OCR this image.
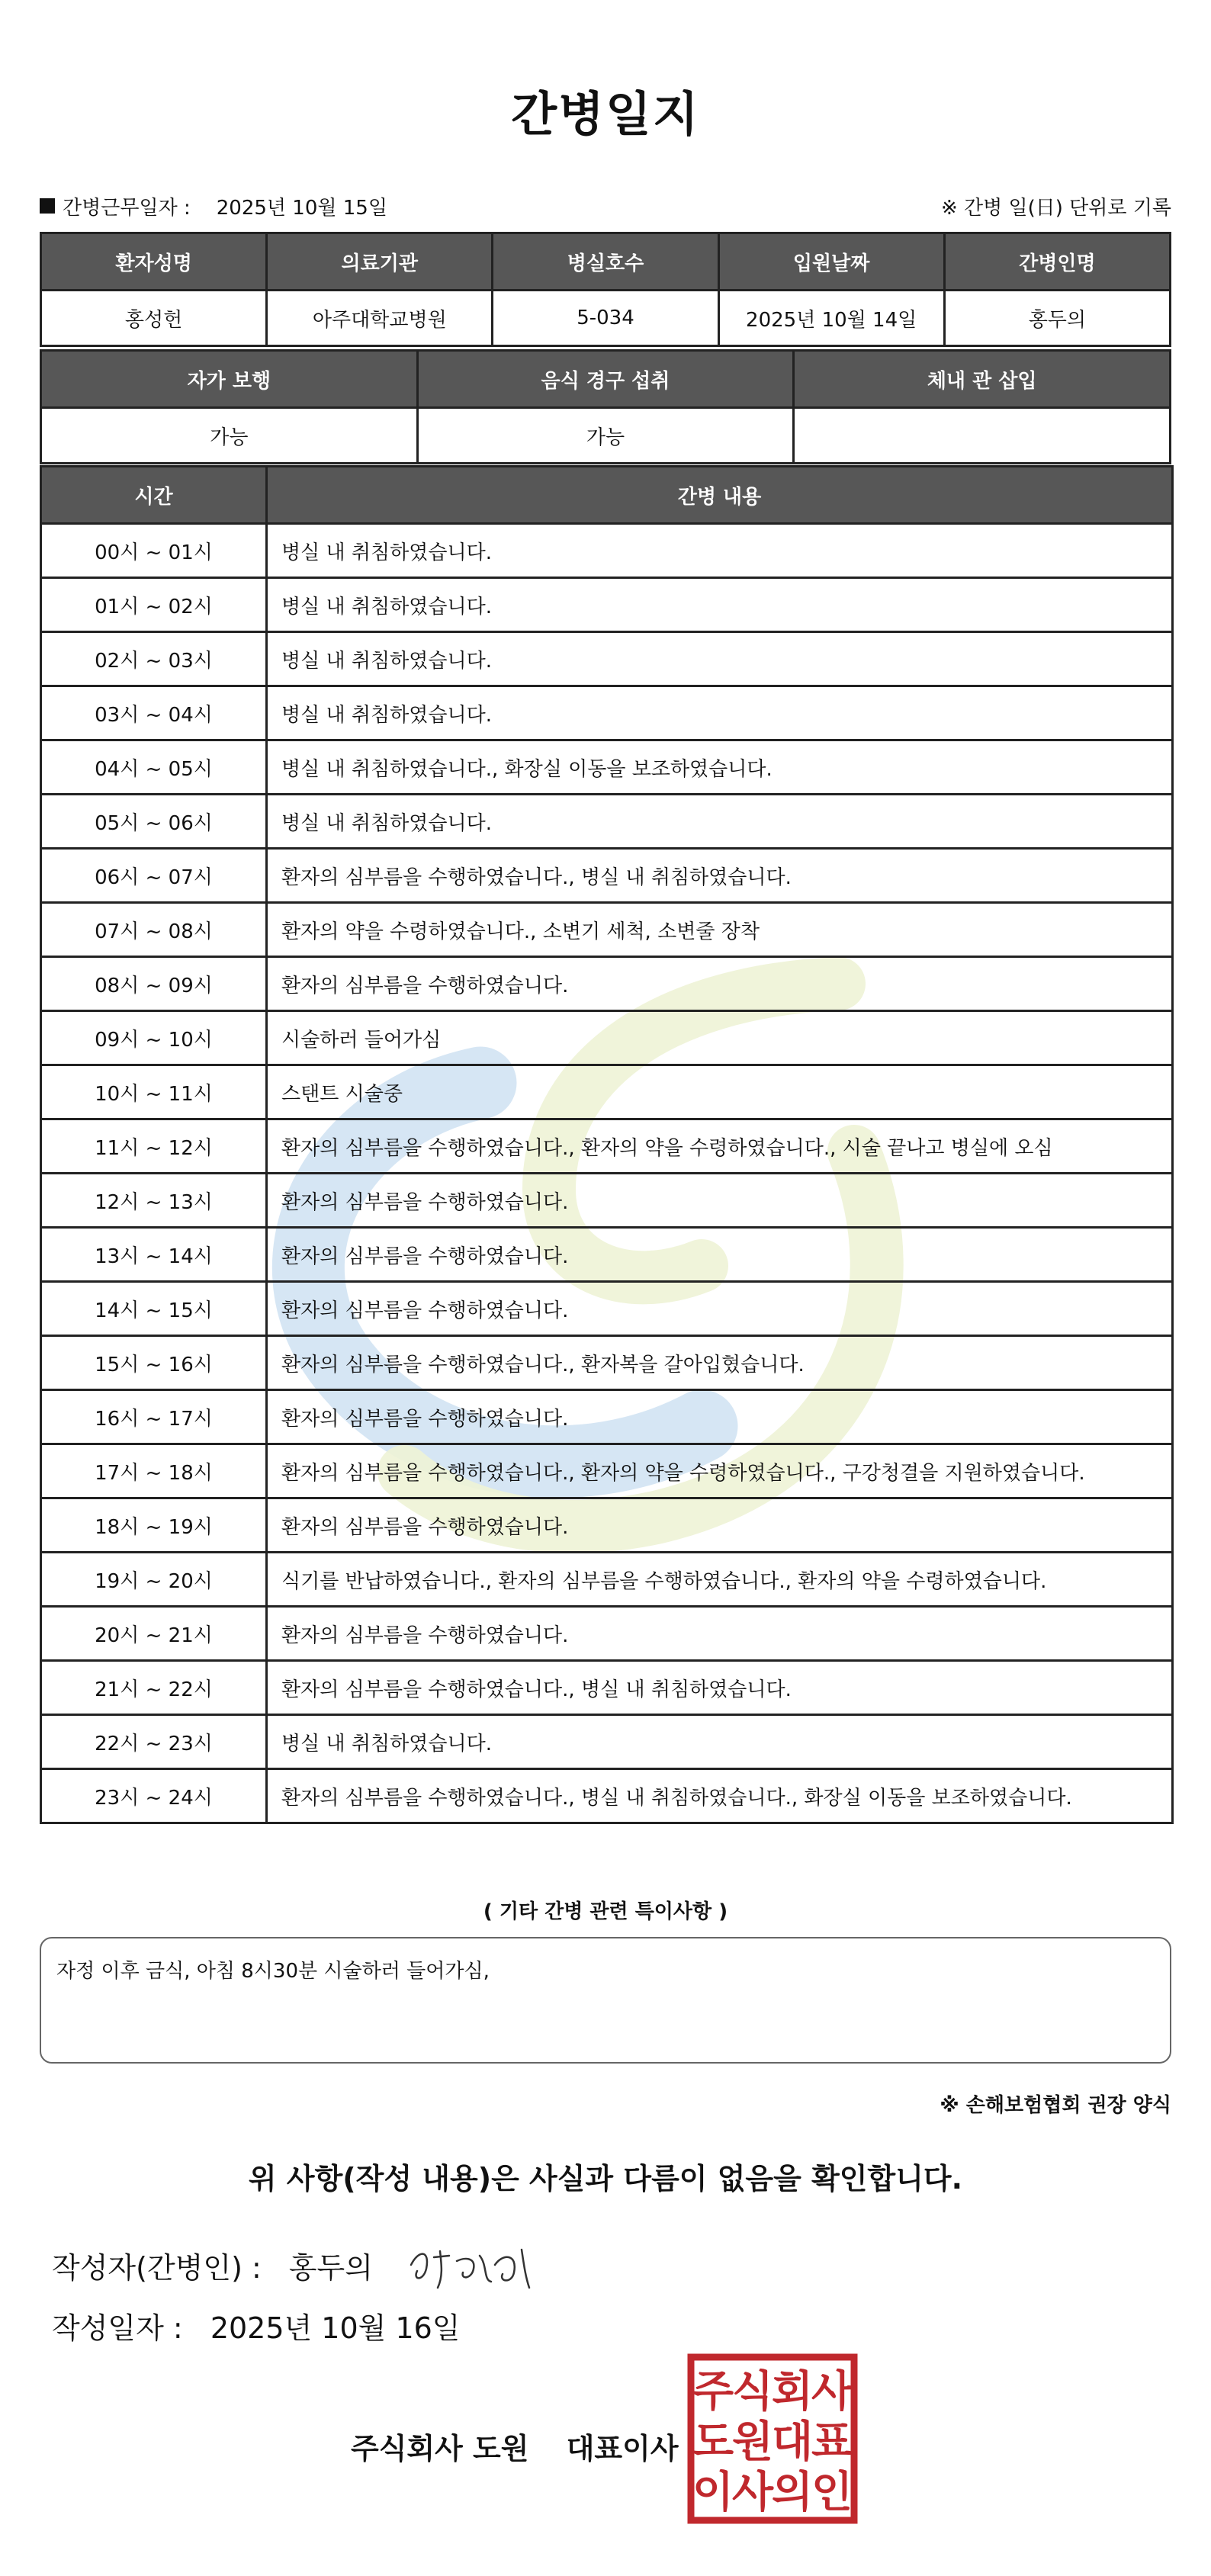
간병일지
간병근무일자 : 2025년 10월 15일	※ 간병 일(日) 단위로 기록
환자성명	의료기관	병실호수	입원날짜	간병인명
홍성헌	아주대학교병원	5-034	2025년 10월 14일	홍두의
자가 보행	음식 경구 섭취	체내 관 삽입
가능	가능	
시간	간병 내용
00시 ~ 01시	병실 내 취침하였습니다.
01시 ~ 02시	병실 내 취침하였습니다.
02시 ~ 03시	병실 내 취침하였습니다.
03시 ~ 04시	병실 내 취침하였습니다.
04시 ~ 05시	병실 내 취침하였습니다., 화장실 이동을 보조하였습니다.
05시 ~ 06시	병실 내 취침하였습니다.
06시 ~ 07시	환자의 심부름을 수행하였습니다., 병실 내 취침하였습니다.
07시 ~ 08시	환자의 약을 수령하였습니다., 소변기 세척, 소변줄 장착
08시 ~ 09시	환자의 심부름을 수행하였습니다.
09시 ~ 10시	시술하러 들어가심
10시 ~ 11시	스탠트 시술중
11시 ~ 12시	환자의 심부름을 수행하였습니다., 환자의 약을 수령하였습니다., 시술 끝나고 병실에 오심
12시 ~ 13시	환자의 심부름을 수행하였습니다.
13시 ~ 14시	환자의 심부름을 수행하였습니다.
14시 ~ 15시	환자의 심부름을 수행하였습니다.
15시 ~ 16시	환자의 심부름을 수행하였습니다., 환자복을 갈아입혔습니다.
16시 ~ 17시	환자의 심부름을 수행하였습니다.
17시 ~ 18시	환자의 심부름을 수행하였습니다., 환자의 약을 수령하였습니다., 구강청결을 지원하였습니다.
18시 ~ 19시	환자의 심부름을 수행하였습니다.
19시 ~ 20시	식기를 반납하였습니다., 환자의 심부름을 수행하였습니다., 환자의 약을 수령하였습니다.
20시 ~ 21시	환자의 심부름을 수행하였습니다.
21시 ~ 22시	환자의 심부름을 수행하였습니다., 병실 내 취침하였습니다.
22시 ~ 23시	병실 내 취침하였습니다.
23시 ~ 24시	환자의 심부름을 수행하였습니다., 병실 내 취침하였습니다., 화장실 이동을 보조하였습니다.
( 기타 간병 관련 특이사항 )
자정 이후 금식, 아침 8시30분 시술하러 들어가심,
※ 손해보험협회 권장 양식
위 사항(작성 내용)은 사실과 다름이 없음을 확인합니다.
작성자(간병인) : 홍두의
작성일자 : 2025년 10월 16일
주식회사 도원 대표이사
주
식
회
사
도
원
대
표
이
사
의
인
